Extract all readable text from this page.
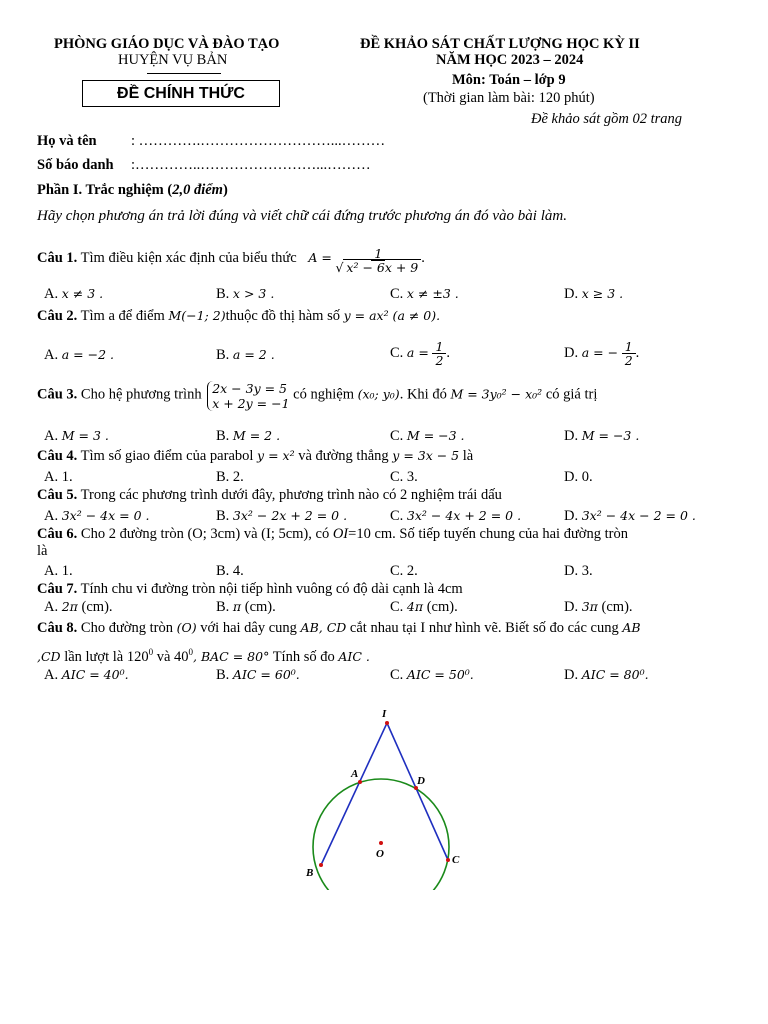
PHÒNG GIÁO DỤC VÀ ĐÀO TẠO
HUYỆN VỤ BẢN
ĐỀ CHÍNH THỨC
ĐỀ KHẢO SÁT CHẤT LƯỢNG HỌC KỲ II
NĂM HỌC 2023 – 2024
Môn: Toán – lớp 9
(Thời gian làm bài: 120 phút)
Đề khảo sát gồm 02 trang
Họ và tên : ………….………………………...………
Số báo danh :…………..……………………...………
Phần I. Trắc nghiệm (2,0 điểm)
Hãy chọn phương án trả lời đúng và viết chữ cái đứng trước phương án đó vào bài làm.
Câu 1. Tìm điều kiện xác định của biểu thức $A = \frac{1}{\text{√ x² − 6x + 9}}$ .
A. x ≠ 3 .	B. x > 3 .	C. x ≠ ±3 .	D. x ≥ 3 .
Câu 2. Tìm a để điểm M(−1; 2)thuộc đồ thị hàm số y = ax² (a ≠ 0).
A. a = −2 .	B. a = 2 .	C. $a = \frac{1}{2}$ .	D. a = − $\frac{1}{2}$ .
Câu 3. Cho hệ phương trình 2x − 3y = 5
x + 2y = −1
có nghiệm (x₀; y₀). Khi đó M = 3y₀² − x₀² có giá trị
A. M = 3 .	B. M = 2 .	C. M = −3 .	D. M = −3 .
Câu 4. Tìm số giao điểm của parabol y = x² và đường thẳng y = 3x − 5 là
A. 1.	B. 2.	C. 3.	D. 0.
Câu 5. Trong các phương trình dưới đây, phương trình nào có 2 nghiệm trái dấu
A. 3x² − 4x = 0 .	B. 3x² − 2x + 2 = 0 .	C. 3x² − 4x + 2 = 0 .	D. 3x² − 4x − 2 = 0 .
Câu 6. Cho 2 đường tròn (O; 3cm) và (I; 5cm), có OI=10 cm. Số tiếp tuyến chung của hai đường tròn
là
A. 1.	B. 4.	C. 2.	D. 3.
Câu 7. Tính chu vi đường tròn nội tiếp hình vuông có độ dài cạnh là 4cm
A. 2π (cm).	B. π (cm).	C. 4π (cm).	D. 3π (cm).
Câu 8. Cho đường tròn (O) với hai dây cung AB, CD cắt nhau tại I như hình vẽ. Biết số đo các cung AB
,CD lần lượt là $120^0$ và $40^0$, BAC = 80° Tính số đo AIC .
A. AIC = 40⁰.	B. AIC = 60⁰.	C. AIC = 50⁰.	D. AIC = 80⁰.
I
A
D
O
B
C
